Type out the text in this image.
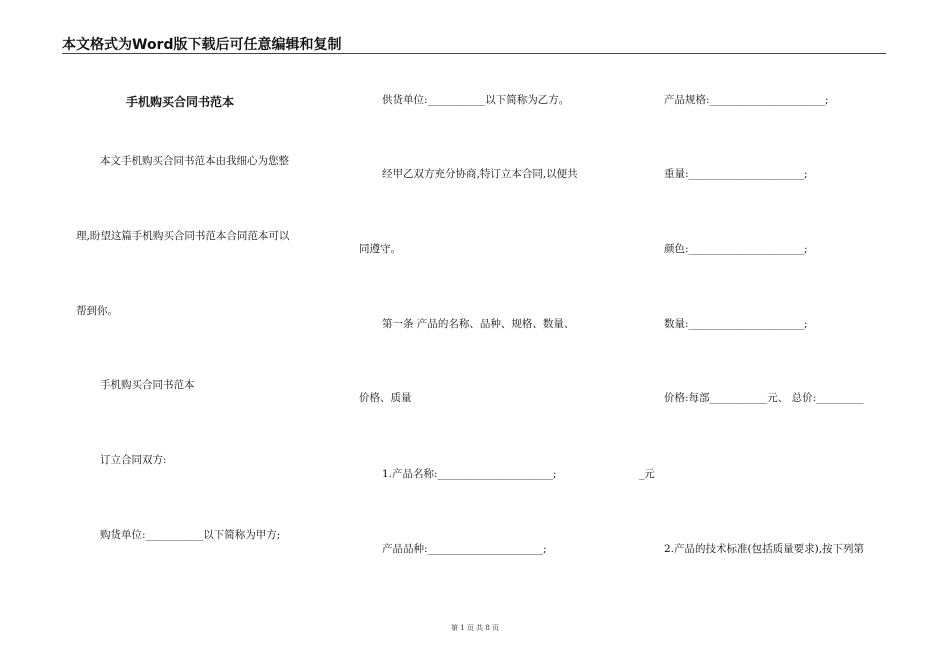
本文格式为Word版下载后可任意编辑和复制
手机购买合同书范本
本文手机购买合同书范本由我细心为您整
理,盼望这篇手机购买合同书范本合同范本可以
帮到你。
手机购买合同书范本
订立合同双方:
购货单位:___________以下简称为甲方;
供货单位:___________以下简称为乙方。
经甲乙双方充分协商,特订立本合同,以便共
同遵守。
第一条 产品的名称、品种、规格、数量、
价格、质量
1.产品名称:______________________;
产品品种:______________________;
产品规格:______________________;
重量:______________________;
颜色:______________________;
数量:______________________;
价格:每部___________元、 总价:_________
_元
2.产品的技术标准(包括质量要求),按下列第
第 1 页 共 8 页
